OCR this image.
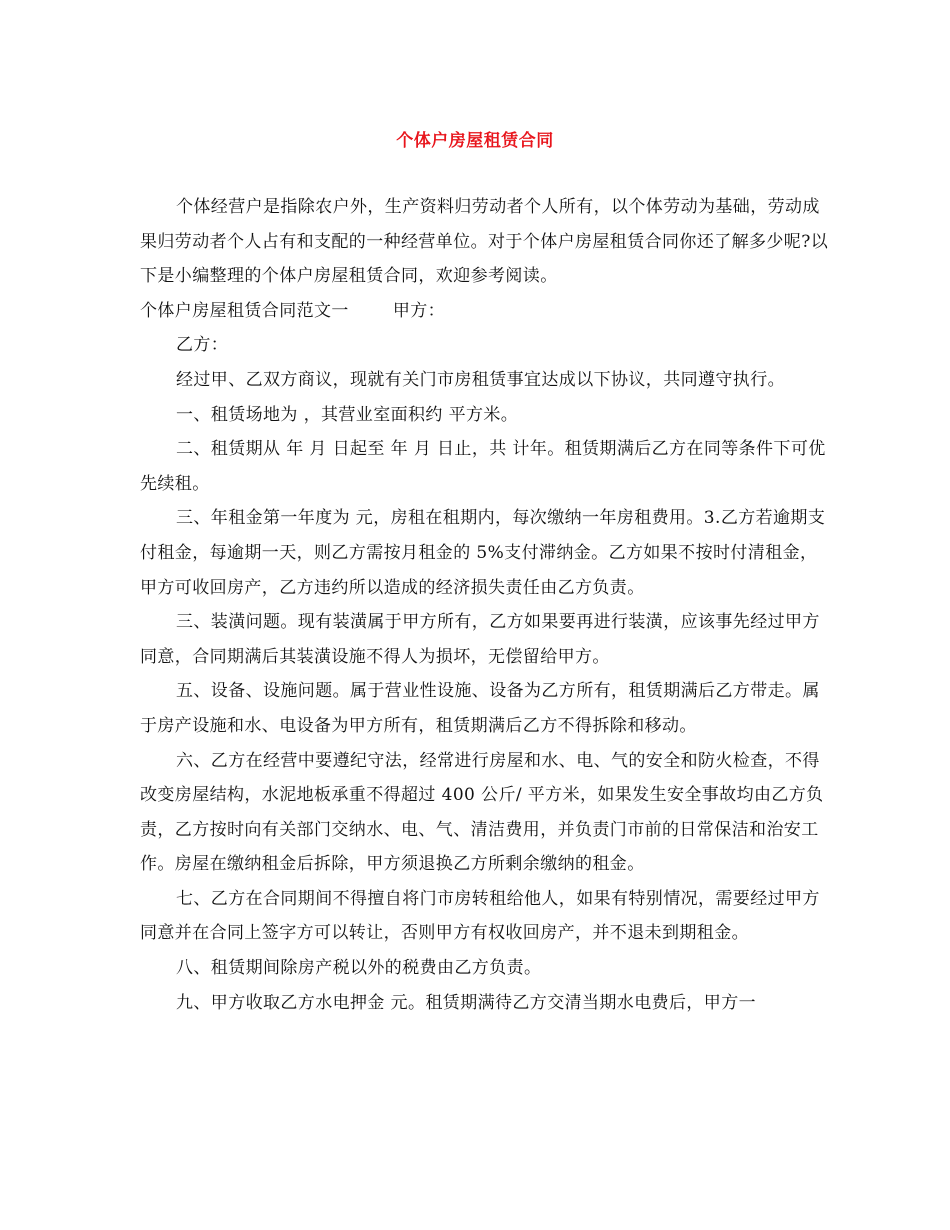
个体户房屋租赁合同

个体经营户是指除农户外，生产资料归劳动者个人所有，以个体劳动为基础，劳动成果归劳动者个人占有和支配的一种经营单位。对于个体户房屋租赁合同你还了解多少呢?以下是小编整理的个体户房屋租赁合同，欢迎参考阅读。

个体户房屋租赁合同范文一	甲方：

乙方：

经过甲、乙双方商议，现就有关门市房租赁事宜达成以下协议，共同遵守执行。

一、租赁场地为 ，其营业室面积约 平方米。

二、租赁期从 年 月 日起至 年 月 日止，共 计年。租赁期满后乙方在同等条件下可优先续租。

三、年租金第一年度为 元，房租在租期内，每次缴纳一年房租费用。3.乙方若逾期支付租金，每逾期一天，则乙方需按月租金的 5%支付滞纳金。乙方如果不按时付清租金，甲方可收回房产，乙方违约所以造成的经济损失责任由乙方负责。

三、装潢问题。现有装潢属于甲方所有，乙方如果要再进行装潢，应该事先经过甲方同意，合同期满后其装潢设施不得人为损坏，无偿留给甲方。

五、设备、设施问题。属于营业性设施、设备为乙方所有，租赁期满后乙方带走。属于房产设施和水、电设备为甲方所有，租赁期满后乙方不得拆除和移动。

六、乙方在经营中要遵纪守法，经常进行房屋和水、电、气的安全和防火检查，不得改变房屋结构，水泥地板承重不得超过 400 公斤/ 平方米，如果发生安全事故均由乙方负责，乙方按时向有关部门交纳水、电、气、清洁费用，并负责门市前的日常保洁和治安工作。房屋在缴纳租金后拆除，甲方须退换乙方所剩余缴纳的租金。

七、乙方在合同期间不得擅自将门市房转租给他人，如果有特别情况，需要经过甲方同意并在合同上签字方可以转让，否则甲方有权收回房产，并不退未到期租金。

八、租赁期间除房产税以外的税费由乙方负责。

九、甲方收取乙方水电押金 元。租赁期满待乙方交清当期水电费后，甲方一
